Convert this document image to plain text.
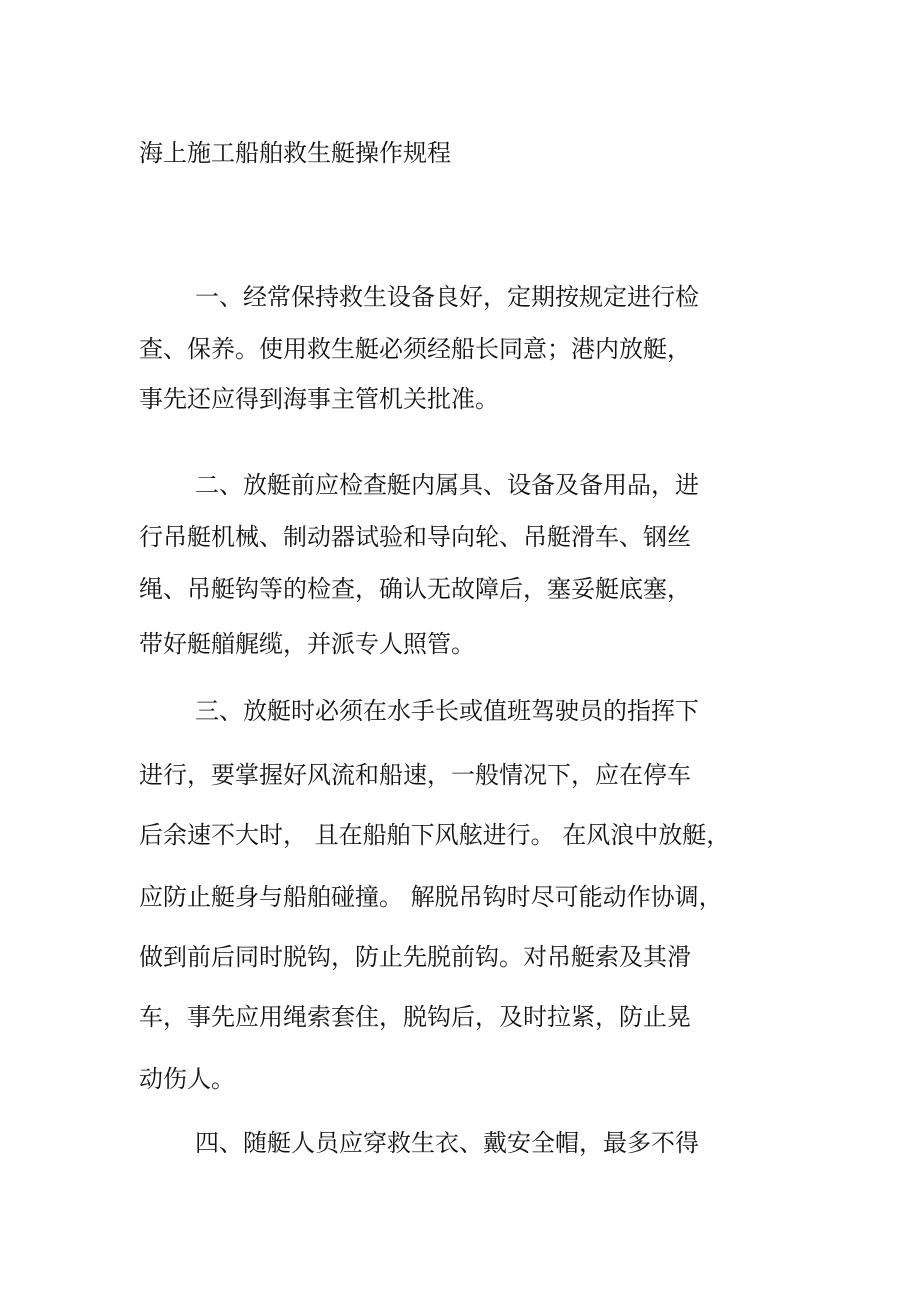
海上施工船舶救生艇操作规程
一、经常保持救生设备良好，定期按规定进行检
查、保养。使用救生艇必须经船长同意；港内放艇，
事先还应得到海事主管机关批准。
二、放艇前应检查艇内属具、设备及备用品，进
行吊艇机械、制动器试验和导向轮、吊艇滑车、钢丝
绳、吊艇钩等的检查，确认无故障后，塞妥艇底塞，
带好艇艏艉缆，并派专人照管。
三、放艇时必须在水手长或值班驾驶员的指挥下
进行，要掌握好风流和船速，一般情况下，应在停车
后余速不大时， 且在船舶下风舷进行。 在风浪中放艇，
应防止艇身与船舶碰撞。 解脱吊钩时尽可能动作协调，
做到前后同时脱钩，防止先脱前钩。对吊艇索及其滑
车，事先应用绳索套住，脱钩后，及时拉紧，防止晃
动伤人。
四、随艇人员应穿救生衣、戴安全帽，最多不得
